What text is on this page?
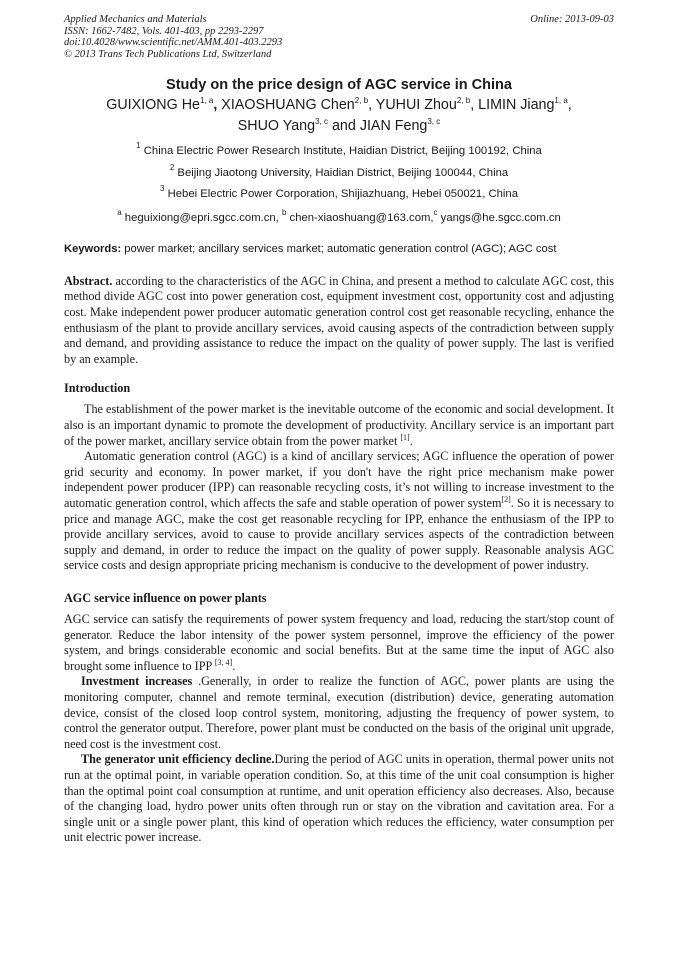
Applied Mechanics and Materials
ISSN: 1662-7482, Vols. 401-403, pp 2293-2297
doi:10.4028/www.scientific.net/AMM.401-403.2293
© 2013 Trans Tech Publications Ltd, Switzerland
Online: 2013-09-03
Study on the price design of AGC service in China
GUIXIONG He$^{1, a}$, XIAOSHUANG Chen$^{2, b}$, YUHUI Zhou$^{2, b}$, LIMIN Jiang$^{1, a}$,
SHUO Yang$^{3, c}$ and JIAN Feng$^{3, c}$
$^1$ China Electric Power Research Institute, Haidian District, Beijing 100192, China
$^2$ Beijing Jiaotong University, Haidian District, Beijing 100044, China
$^3$ Hebei Electric Power Corporation, Shijiazhuang, Hebei 050021, China
$^a$ heguixiong@epri.sgcc.com.cn, $^b$ chen-xiaoshuang@163.com,$^c$ yangs@he.sgcc.com.cn
Keywords: power market; ancillary services market; automatic generation control (AGC); AGC cost
Abstract. according to the characteristics of the AGC in China, and present a method to calculate AGC cost, this method divide AGC cost into power generation cost, equipment investment cost, opportunity cost and adjusting cost. Make independent power producer automatic generation control cost get reasonable recycling, enhance the enthusiasm of the plant to provide ancillary services, avoid causing aspects of the contradiction between supply and demand, and providing assistance to reduce the impact on the quality of power supply. The last is verified by an example.
Introduction

The establishment of the power market is the inevitable outcome of the economic and social development. It also is an important dynamic to promote the development of productivity. Ancillary service is an important part of the power market, ancillary service obtain from the power market [1].

Automatic generation control (AGC) is a kind of ancillary services; AGC influence the operation of power grid security and economy. In power market, if you don't have the right price mechanism make power independent power producer (IPP) can reasonable recycling costs, it’s not willing to increase investment to the automatic generation control, which affects the safe and stable operation of power system[2]. So it is necessary to price and manage AGC, make the cost get reasonable recycling for IPP, enhance the enthusiasm of the IPP to provide ancillary services, avoid to cause to provide ancillary services aspects of the contradiction between supply and demand, in order to reduce the impact on the quality of power supply. Reasonable analysis AGC service costs and design appropriate pricing mechanism is conducive to the development of power industry.

AGC service influence on power plants

AGC service can satisfy the requirements of power system frequency and load, reducing the start/stop count of generator. Reduce the labor intensity of the power system personnel, improve the efficiency of the power system, and brings considerable economic and social benefits. But at the same time the input of AGC also brought some influence to IPP [3, 4].

Investment increases .Generally, in order to realize the function of AGC, power plants are using the monitoring computer, channel and remote terminal, execution (distribution) device, generating automation device, consist of the closed loop control system, monitoring, adjusting the frequency of power system, to control the generator output. Therefore, power plant must be conducted on the basis of the original unit upgrade, need cost is the investment cost.

The generator unit efficiency decline.During the period of AGC units in operation, thermal power units not run at the optimal point, in variable operation condition. So, at this time of the unit coal consumption is higher than the optimal point coal consumption at runtime, and unit operation efficiency also decreases. Also, because of the changing load, hydro power units often through run or stay on the vibration and cavitation area. For a single unit or a single power plant, this kind of operation which reduces the efficiency, water consumption per unit electric power increase.
